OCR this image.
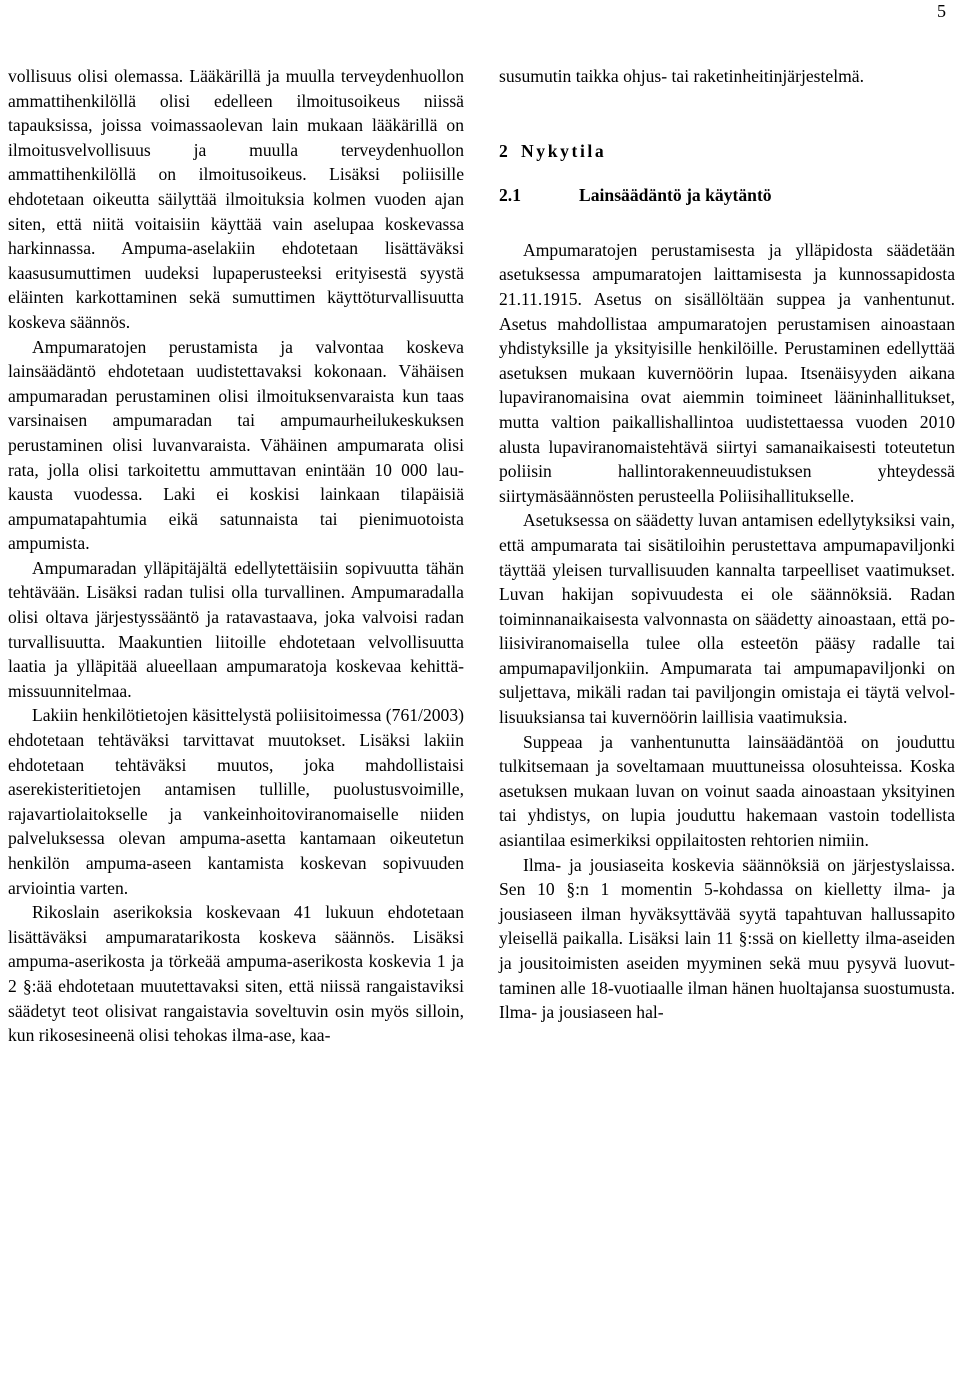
5

vollisuus olisi olemassa. Lääkärillä ja muulla terveydenhuollon ammattihenkilöllä olisi edelleen ilmoitusoikeus niissä tapauksissa, joissa voimassaolevan lain mukaan lääkärillä on ilmoitusvelvollisuus ja muulla terveydenhuollon ammattihenkilöllä on ilmoitusoikeus. Lisäksi poliisille ehdotetaan oikeutta säilyttää ilmoituksia kolmen vuoden ajan siten, että niitä voitaisiin käyttää vain aselupaa koskevassa harkinnassa. Ampuma-aselakiin ehdotetaan lisättäväksi kaasusumuttimen uudeksi lupaperusteeksi erityisestä syystä eläinten karkottaminen sekä sumuttimen käyttöturvallisuutta koskeva säännös.

Ampumaratojen perustamista ja valvontaa koskeva lainsäädäntö ehdotetaan uudistettavaksi kokonaan. Vähäisen ampumaradan perustaminen olisi ilmoituksenvaraista kun taas varsinaisen ampumaradan tai ampumaurheilukeskuksen perustaminen olisi luvanvaraista. Vähäinen ampumarata olisi rata, jolla olisi tarkoitettu ammuttavan enintään 10 000 laukausta vuodessa. Laki ei koskisi lainkaan tilapäisiä ampumatapahtumia eikä satunnaista tai pienimuotoista ampumista.

Ampumaradan ylläpitäjältä edellytettäisiin sopivuutta tähän tehtävään. Lisäksi radan tulisi olla turvallinen. Ampumaradalla olisi oltava järjestyssääntö ja ratavastaava, joka valvoisi radan turvallisuutta. Maakuntien liitoille ehdotetaan velvollisuutta laatia ja ylläpitää alueellaan ampumaratoja koskevaa kehittämissuunnitelmaa.

Lakiin henkilötietojen käsittelystä poliisitoimessa (761/2003) ehdotetaan tehtäväksi tarvittavat muutokset. Lisäksi lakiin ehdotetaan tehtäväksi muutos, joka mahdollistaisi aserekisteritietojen antamisen tullille, puolustusvoimille, rajavartiolaitokselle ja vankeinhoitoviranomaiselle niiden palveluksessa olevan ampuma-asetta kantamaan oikeutetun henkilön ampuma-aseen kantamista koskevan sopivuuden arviointia varten.

Rikoslain aserikoksia koskevaan 41 lukuun ehdotetaan lisättäväksi ampumaratarikosta koskeva säännös. Lisäksi ampuma-aserikosta ja törkeää ampuma-aserikosta koskevia 1 ja 2 §:ää ehdotetaan muutettavaksi siten, että niissä rangaistaviksi säädetyt teot olisivat rangaistavia soveltuvin osin myös silloin, kun rikosesineenä olisi tehokas ilma-ase, kaa-

susumutin taikka ohjus- tai raketinheitinjärjestelmä.

2 Nykytila
2.1	Lainsäädäntö ja käytäntö

Ampumaratojen perustamisesta ja ylläpidosta säädetään asetuksessa ampumaratojen laittamisesta ja kunnossapidosta 21.11.1915. Asetus on sisällöltään suppea ja vanhentunut. Asetus mahdollistaa ampumaratojen perustamisen ainoastaan yhdistyksille ja yksityisille henkilöille. Perustaminen edellyttää asetuksen mukaan kuvernöörin lupaa. Itsenäisyyden aikana lupaviranomaisina ovat aiemmin toimineet lääninhallitukset, mutta valtion paikallishallintoa uudistettaessa vuoden 2010 alusta lupaviranomaistehtävä siirtyi samanaikaisesti toteutetun poliisin hallintorakenneuudistuksen yhteydessä siirtymäsäännösten perusteella Poliisihallitukselle.

Asetuksessa on säädetty luvan antamisen edellytyksiksi vain, että ampumarata tai sisätiloihin perustettava ampumapaviljonki täyttää yleisen turvallisuuden kannalta tarpeelliset vaatimukset. Luvan hakijan sopivuudesta ei ole säännöksiä. Radan toiminnanaikaisesta valvonnasta on säädetty ainoastaan, että poliisiviranomaisella tulee olla esteetön pääsy radalle tai ampumapaviljonkiin. Ampumarata tai ampumapaviljonki on suljettava, mikäli radan tai paviljongin omistaja ei täytä velvollisuuksiansa tai kuvernöörin laillisia vaatimuksia.

Suppeaa ja vanhentunutta lainsäädäntöä on jouduttu tulkitsemaan ja soveltamaan muuttuneissa olosuhteissa. Koska asetuksen mukaan luvan on voinut saada ainoastaan yksityinen tai yhdistys, on lupia jouduttu hakemaan vastoin todellista asiantilaa esimerkiksi oppilaitosten rehtorien nimiin.

Ilma- ja jousiaseita koskevia säännöksiä on järjestyslaissa. Sen 10 §:n 1 momentin 5-kohdassa on kielletty ilma- ja jousiaseen ilman hyväksyttävää syytä tapahtuvan hallussapito yleisellä paikalla. Lisäksi lain 11 §:ssä on kielletty ilma-aseiden ja jousitoimisten aseiden myyminen sekä muu pysyvä luovuttaminen alle 18-vuotiaalle ilman hänen huoltajansa suostumusta. Ilma- ja jousiaseen hal-
